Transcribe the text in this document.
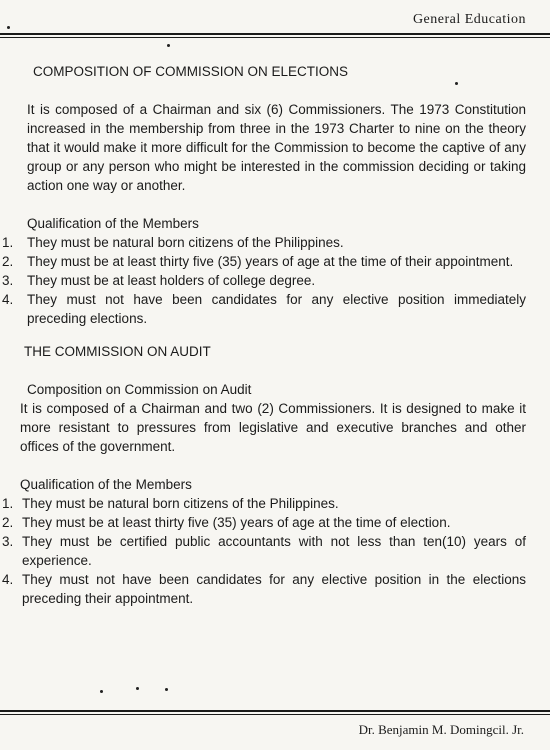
General Education
COMPOSITION OF COMMISSION ON ELECTIONS

It is composed of a Chairman and six (6) Commissioners. The 1973 Constitution increased in the membership from three in the 1973 Charter to nine on the theory that it would make it more difficult for the Commission to become the captive of any group or any person who might be interested in the commission deciding or taking action one way or another.

Qualification of the Members
1.	They must be natural born citizens of the Philippines.
2.	They must be at least thirty five (35) years of age at the time of their appointment.
3.	They must be at least holders of college degree.
4.	They must not have been candidates for any elective position immediately preceding elections.
THE COMMISSION ON AUDIT
Composition on Commission on Audit

It is composed of a Chairman and two (2) Commissioners. It is designed to make it more resistant to pressures from legislative and executive branches and other offices of the government.

Qualification of the Members
1. They must be natural born citizens of the Philippines.
2. They must be at least thirty five (35) years of age at the time of election.
3. They must be certified public accountants with not less than ten(10) years of experience.
4. They must not have been candidates for any elective position in the elections preceding their appointment.
Dr. Benjamin M. Domingcil. Jr.
